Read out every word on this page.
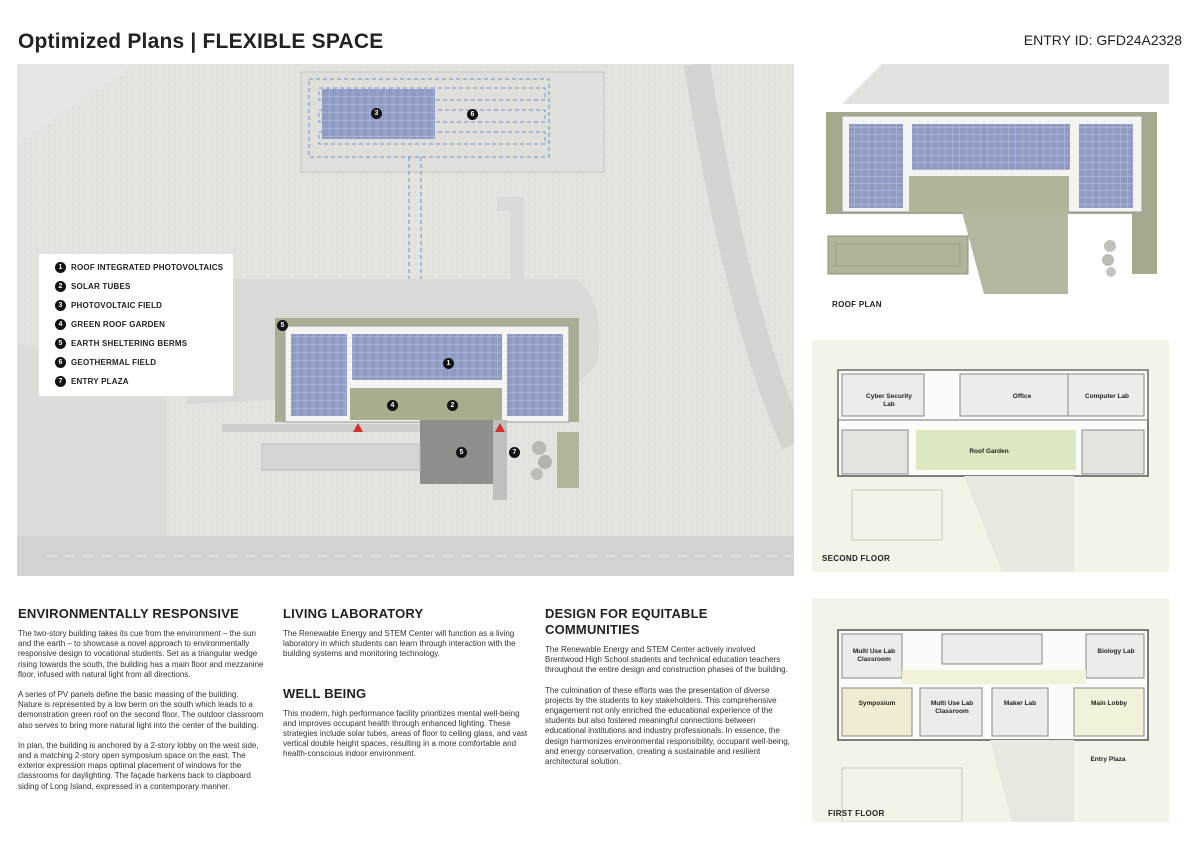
Optimized Plans | FLEXIBLE SPACE	ENTRY ID: GFD24A2328
3	6
5
1
4	2
5	7
1	ROOF INTEGRATED PHOTOVOLTAICS
2	SOLAR TUBES
3	PHOTOVOLTAIC FIELD
4	GREEN ROOF GARDEN
5	EARTH SHELTERING BERMS
6	GEOTHERMAL FIELD
7	ENTRY PLAZA
ROOF PLAN
Cyber Security Lab
Office	Computer Lab
Roof Garden
SECOND FLOOR
Multi Use Lab Classroom
Biology Lab
Symposium	Multi Use Lab Classroom
Maker Lab	Main Lobby
Entry Plaza
FIRST FLOOR
ENVIRONMENTALLY RESPONSIVE

The two-story building takes its cue from the environment – the sun and the earth – to showcase a novel approach to environmentally responsive design to vocational students. Set as a triangular wedge rising towards the south, the building has a main floor and mezzanine floor, infused with natural light from all directions.

A series of PV panels define the basic massing of the building. Nature is represented by a low berm on the south which leads to a demonstration green roof on the second floor. The outdoor classroom also serves to bring more natural light into the center of the building.

In plan, the building is anchored by a 2-story lobby on the west side, and a matching 2-story open symposium space on the east. The exterior expression maps optimal placement of windows for the classrooms for daylighting. The façade harkens back to clapboard siding of Long Island, expressed in a contemporary manner.

LIVING LABORATORY

The Renewable Energy and STEM Center will function as a living laboratory in which students can learn through interaction with the building systems and monitoring technology.

WELL BEING

This modern, high performance facility prioritizes mental well-being and improves occupant health through enhanced lighting. These strategies include solar tubes, areas of floor to ceiling glass, and vast vertical double height spaces, resulting in a more comfortable and health-conscious indoor environment.

DESIGN FOR EQUITABLE COMMUNITIES

The Renewable Energy and STEM Center actively involved Brentwood High School students and technical education teachers throughout the entire design and construction phases of the building.

The culmination of these efforts was the presentation of diverse projects by the students to key stakeholders. This comprehensive engagement not only enriched the educational experience of the students but also fostered meaningful connections between educational institutions and industry professionals. In essence, the design harmonizes environmental responsibility, occupant well-being, and energy conservation, creating a sustainable and resilient architectural solution.
